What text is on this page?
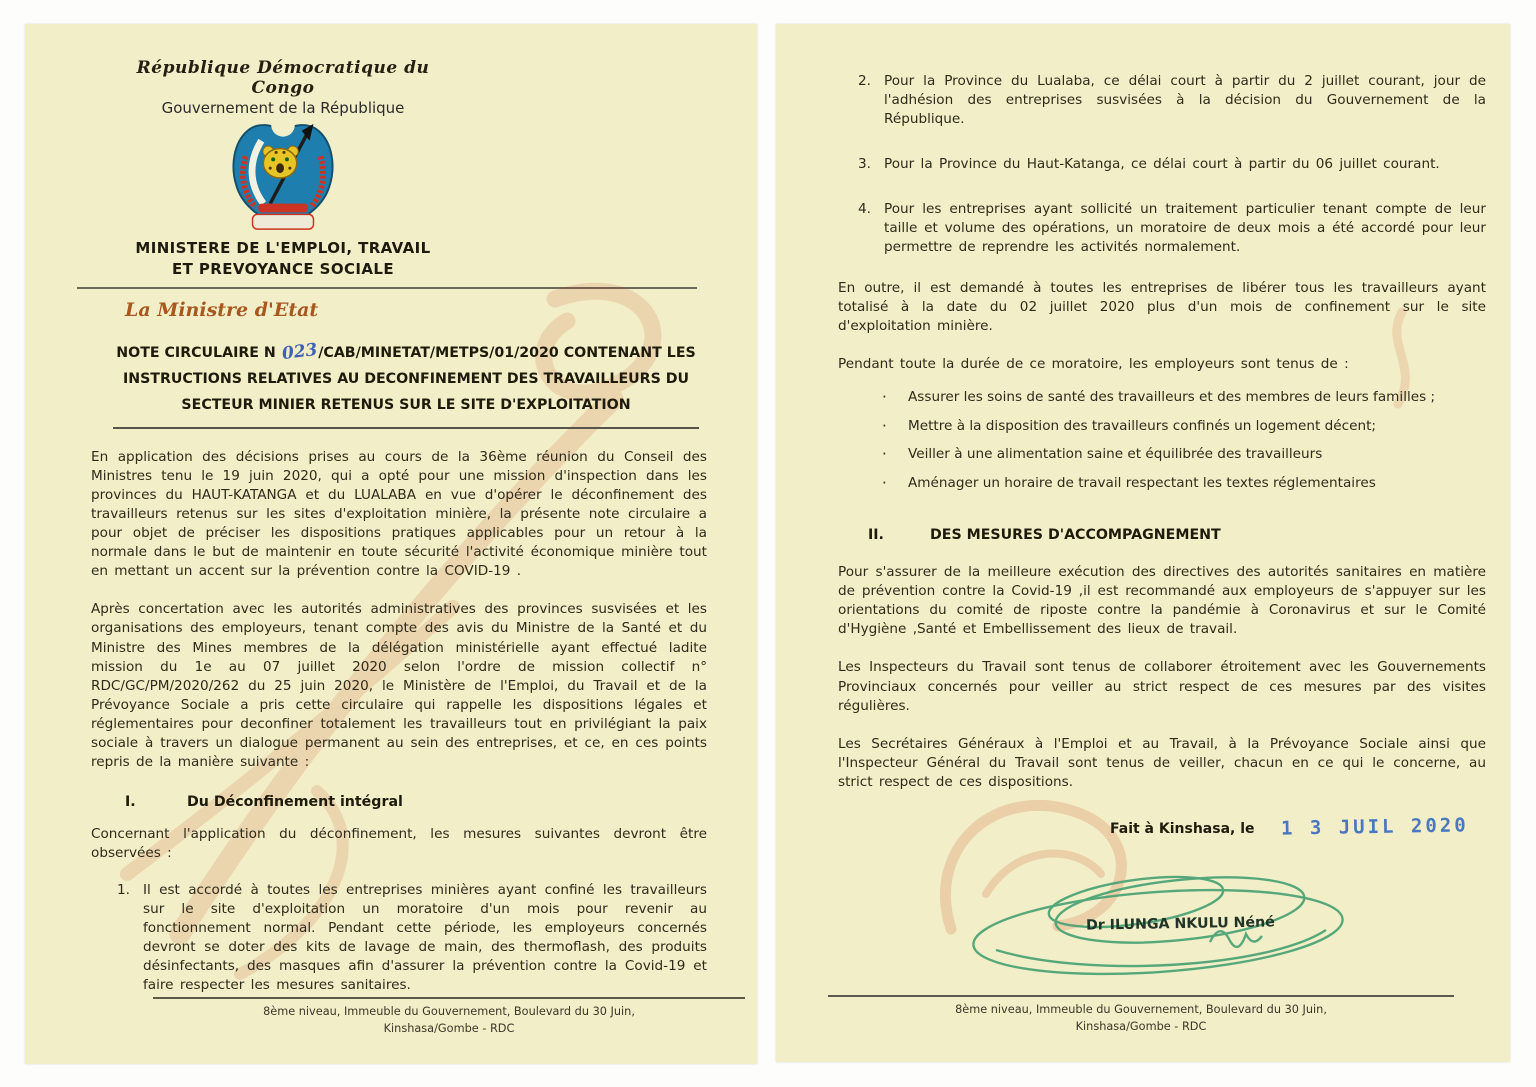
République Démocratique du Congo
Gouvernement de la République
MINISTERE DE L'EMPLOI, TRAVAIL
ET PREVOYANCE SOCIALE
La Ministre d'Etat
NOTE CIRCULAIRE N 023/CAB/MINETAT/METPS/01/2020 CONTENANT LES INSTRUCTIONS RELATIVES AU DECONFINEMENT DES TRAVAILLEURS DU SECTEUR MINIER RETENUS SUR LE SITE D'EXPLOITATION

En application des décisions prises au cours de la 36ème réunion du Conseil des Ministres tenu le 19 juin 2020, qui a opté pour une mission d'inspection dans les provinces du HAUT-KATANGA et du LUALABA en vue d'opérer le déconfinement des travailleurs retenus sur les sites d'exploitation minière, la présente note circulaire a pour objet de préciser les dispositions pratiques applicables pour un retour à la normale dans le but de maintenir en toute sécurité l'activité économique minière tout en mettant un accent sur la prévention contre la COVID-19 .

Après concertation avec les autorités administratives des provinces susvisées et les organisations des employeurs, tenant compte des avis du Ministre de la Santé et du Ministre des Mines membres de la délégation ministérielle ayant effectué ladite mission du 1e au 07 juillet 2020 selon l'ordre de mission collectif n° RDC/GC/PM/2020/262 du 25 juin 2020, le Ministère de l'Emploi, du Travail et de la Prévoyance Sociale a pris cette circulaire qui rappelle les dispositions légales et réglementaires pour deconfiner totalement les travailleurs tout en privilégiant la paix sociale à travers un dialogue permanent au sein des entreprises, et ce, en ces points repris de la manière suivante :

I.	Du Déconfinement intégral

Concernant l'application du déconfinement, les mesures suivantes devront être observées :

1. Il est accordé à toutes les entreprises minières ayant confiné les travailleurs sur le site d'exploitation un moratoire d'un mois pour revenir au fonctionnement normal. Pendant cette période, les employeurs concernés devront se doter des kits de lavage de main, des thermoflash, des produits désinfectants, des masques afin d'assurer la prévention contre la Covid-19 et faire respecter les mesures sanitaires.
8ème niveau, Immeuble du Gouvernement, Boulevard du 30 Juin,
Kinshasa/Gombe - RDC
2. Pour la Province du Lualaba, ce délai court à partir du 2 juillet courant, jour de l'adhésion des entreprises susvisées à la décision du Gouvernement de la République.
3. Pour la Province du Haut-Katanga, ce délai court à partir du 06 juillet courant.
4. Pour les entreprises ayant sollicité un traitement particulier tenant compte de leur taille et volume des opérations, un moratoire de deux mois a été accordé pour leur permettre de reprendre les activités normalement.

En outre, il est demandé à toutes les entreprises de libérer tous les travailleurs ayant totalisé à la date du 02 juillet 2020 plus d'un mois de confinement sur le site d'exploitation minière.

Pendant toute la durée de ce moratoire, les employeurs sont tenus de :

·	Assurer les soins de santé des travailleurs et des membres de leurs familles ;
·	Mettre à la disposition des travailleurs confinés un logement décent;
·	Veiller à une alimentation saine et équilibrée des travailleurs
·	Aménager un horaire de travail respectant les textes réglementaires
II.	DES MESURES D'ACCOMPAGNEMENT

Pour s'assurer de la meilleure exécution des directives des autorités sanitaires en matière de prévention contre la Covid-19 ,il est recommandé aux employeurs de s'appuyer sur les orientations du comité de riposte contre la pandémie à Coronavirus et sur le Comité d'Hygiène ,Santé et Embellissement des lieux de travail.

Les Inspecteurs du Travail sont tenus de collaborer étroitement avec les Gouvernements Provinciaux concernés pour veiller au strict respect de ces mesures par des visites régulières.

Les Secrétaires Généraux à l'Emploi et au Travail, à la Prévoyance Sociale ainsi que l'Inspecteur Général du Travail sont tenus de veiller, chacun en ce qui le concerne, au strict respect de ces dispositions.

Fait à Kinshasa, le 1 3 JUIL 2020
Dr ILUNGA NKULU Néné
8ème niveau, Immeuble du Gouvernement, Boulevard du 30 Juin,
Kinshasa/Gombe - RDC
